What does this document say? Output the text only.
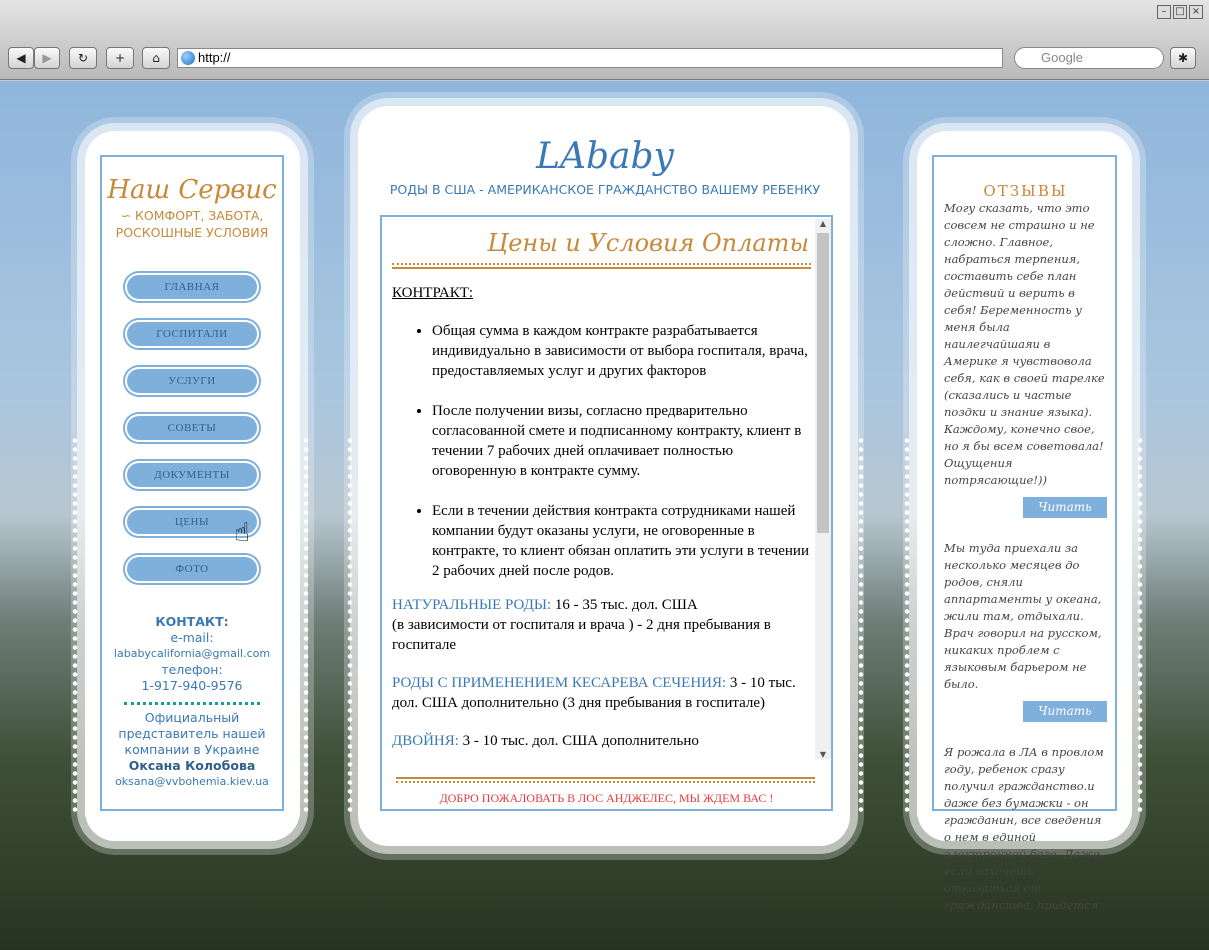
– □ ×
◀	▶	↻	+	⌂	http://	Google	✱
Наш Сервис
∽ КОМФОРТ, ЗАБОТА, РОСКОШНЫЕ УСЛОВИЯ
ГЛАВНАЯ
ГОСПИТАЛИ
УСЛУГИ
СОВЕТЫ
ДОКУМЕНТЫ
ЦЕНЫ
ФОТО
КОНТАКТ:
e-mail:
lababycalifornia@gmail.com
телефон:
1-917-940-9576
Официальный представитель нашей компании в Украине
Оксана Колобова
oksana@vvbohemia.kiev.ua
LAbaby
РОДЫ В США - АМЕРИКАНСКОЕ ГРАЖДАНСТВО ВАШЕМУ РЕБЕНКУ
Цены и Условия Оплаты
КОНТРАКТ:
• Общая сумма в каждом контракте разрабатывается индивидуально в зависимости от выбора госпиталя, врача, предоставляемых услуг и других факторов
• После получении визы, согласно предварительно согласованной смете и подписанному контракту, клиент в течении 7 рабочих дней оплачивает полностью оговоренную в контракте сумму.
• Если в течении действия контракта сотрудниками нашей компании будут оказаны услуги, не оговоренные в контракте, то клиент обязан оплатить эти услуги в течении 2 рабочих дней после родов.

НАТУРАЛЬНЫЕ РОДЫ: 16 - 35 тыс. дол. США
(в зависимости от госпиталя и врача ) - 2 дня пребывания в госпитале

РОДЫ С ПРИМЕНЕНИЕМ КЕСАРЕВА СЕЧЕНИЯ: 3 - 10 тыс. дол. США дополнительно (3 дня пребывания в госпитале)

ДВОЙНЯ: 3 - 10 тыс. дол. США дополнительно

▲
▼
ДОБРО ПОЖАЛОВАТЬ В ЛОС АНДЖЕЛЕС, МЫ ЖДЕМ ВАС !
ОТЗЫВЫ
Могу сказать, что это совсем не страшно и не сложно. Главное, набраться терпения, составить себе план действий и верить в себя! Беременность у меня была наилегчайшаяи в Америке я чувствовола себя, как в своей тарелке (сказались и частые поздки и знание языка). Каждому, конечно свое, но я бы всем советовала! Ощущения потрясающие!))
Читать дальше
Мы туда приехали за несколько месяцев до родов, сняли аппартаменты у океана, жили там, отдыхали. Врач говорил на русском, никаких проблем с языковым барьером не было.
Читать дальше
Я рожала в ЛА в провлом году, ребенок сразу получил гражданство.и даже без бумажки - он гражданин, все сведения о нем в единой электронной базе. Даже если захочешь отказаться от гражданства, придется
☝
